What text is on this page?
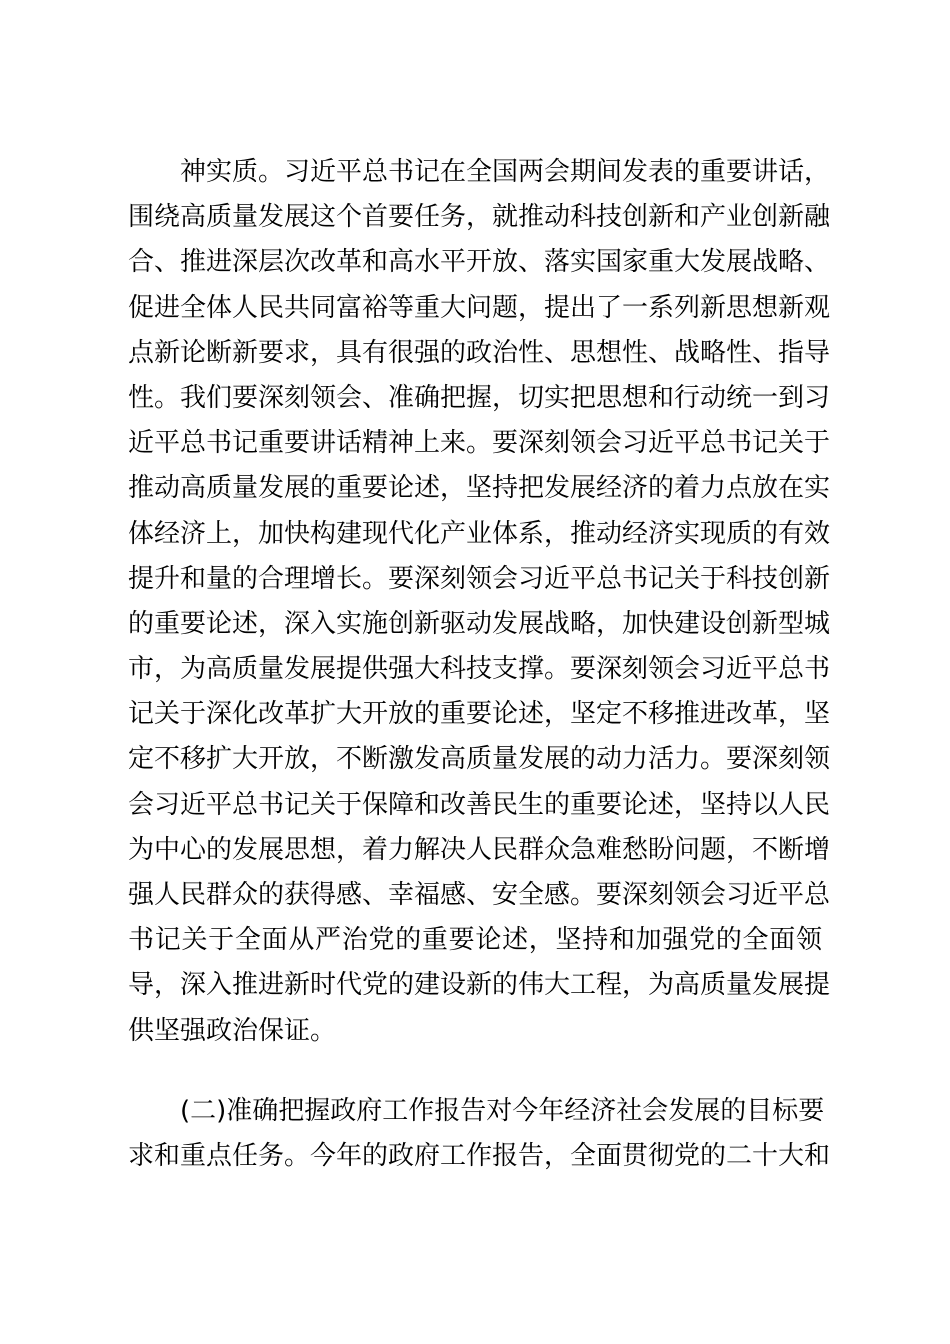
神实质。习近平总书记在全国两会期间发表的重要讲话，
围绕高质量发展这个首要任务，就推动科技创新和产业创新融
合、推进深层次改革和高水平开放、落实国家重大发展战略、
促进全体人民共同富裕等重大问题，提出了一系列新思想新观
点新论断新要求，具有很强的政治性、思想性、战略性、指导
性。我们要深刻领会、准确把握，切实把思想和行动统一到习
近平总书记重要讲话精神上来。要深刻领会习近平总书记关于
推动高质量发展的重要论述，坚持把发展经济的着力点放在实
体经济上，加快构建现代化产业体系，推动经济实现质的有效
提升和量的合理增长。要深刻领会习近平总书记关于科技创新
的重要论述，深入实施创新驱动发展战略，加快建设创新型城
市，为高质量发展提供强大科技支撑。要深刻领会习近平总书
记关于深化改革扩大开放的重要论述，坚定不移推进改革，坚
定不移扩大开放，不断激发高质量发展的动力活力。要深刻领
会习近平总书记关于保障和改善民生的重要论述，坚持以人民
为中心的发展思想，着力解决人民群众急难愁盼问题，不断增
强人民群众的获得感、幸福感、安全感。要深刻领会习近平总
书记关于全面从严治党的重要论述，坚持和加强党的全面领
导，深入推进新时代党的建设新的伟大工程，为高质量发展提
供坚强政治保证。
(二)准确把握政府工作报告对今年经济社会发展的目标要
求和重点任务。今年的政府工作报告，全面贯彻党的二十大和
